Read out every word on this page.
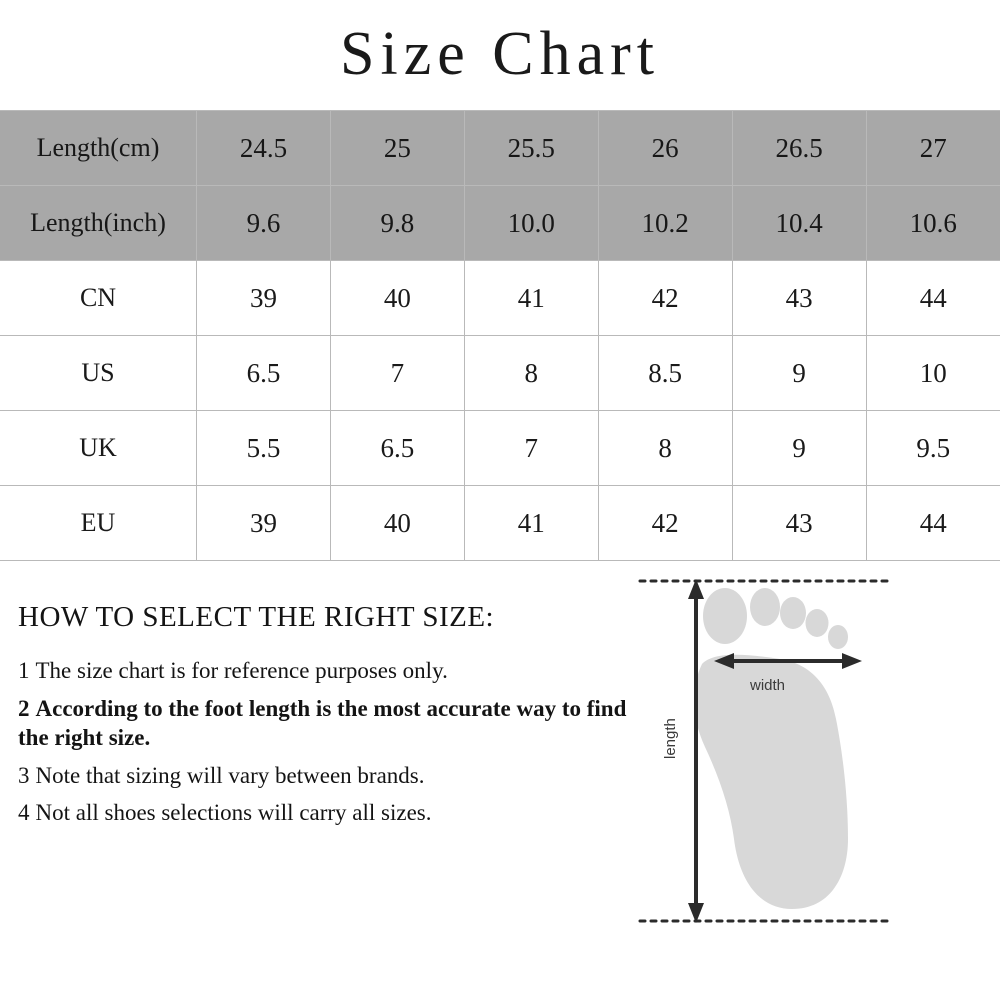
Size Chart
Length(cm)	24.5	25	25.5	26	26.5	27
Length(inch)	9.6	9.8	10.0	10.2	10.4	10.6
CN	39	40	41	42	43	44
US	6.5	7	8	8.5	9	10
UK	5.5	6.5	7	8	9	9.5
EU	39	40	41	42	43	44
HOW TO SELECT THE RIGHT SIZE:
1 The size chart is for reference purposes only.
2 According to the foot length is the most accurate way to find the right size.
3 Note that sizing will vary between brands.
4 Not all shoes selections will carry all sizes.
width
length
